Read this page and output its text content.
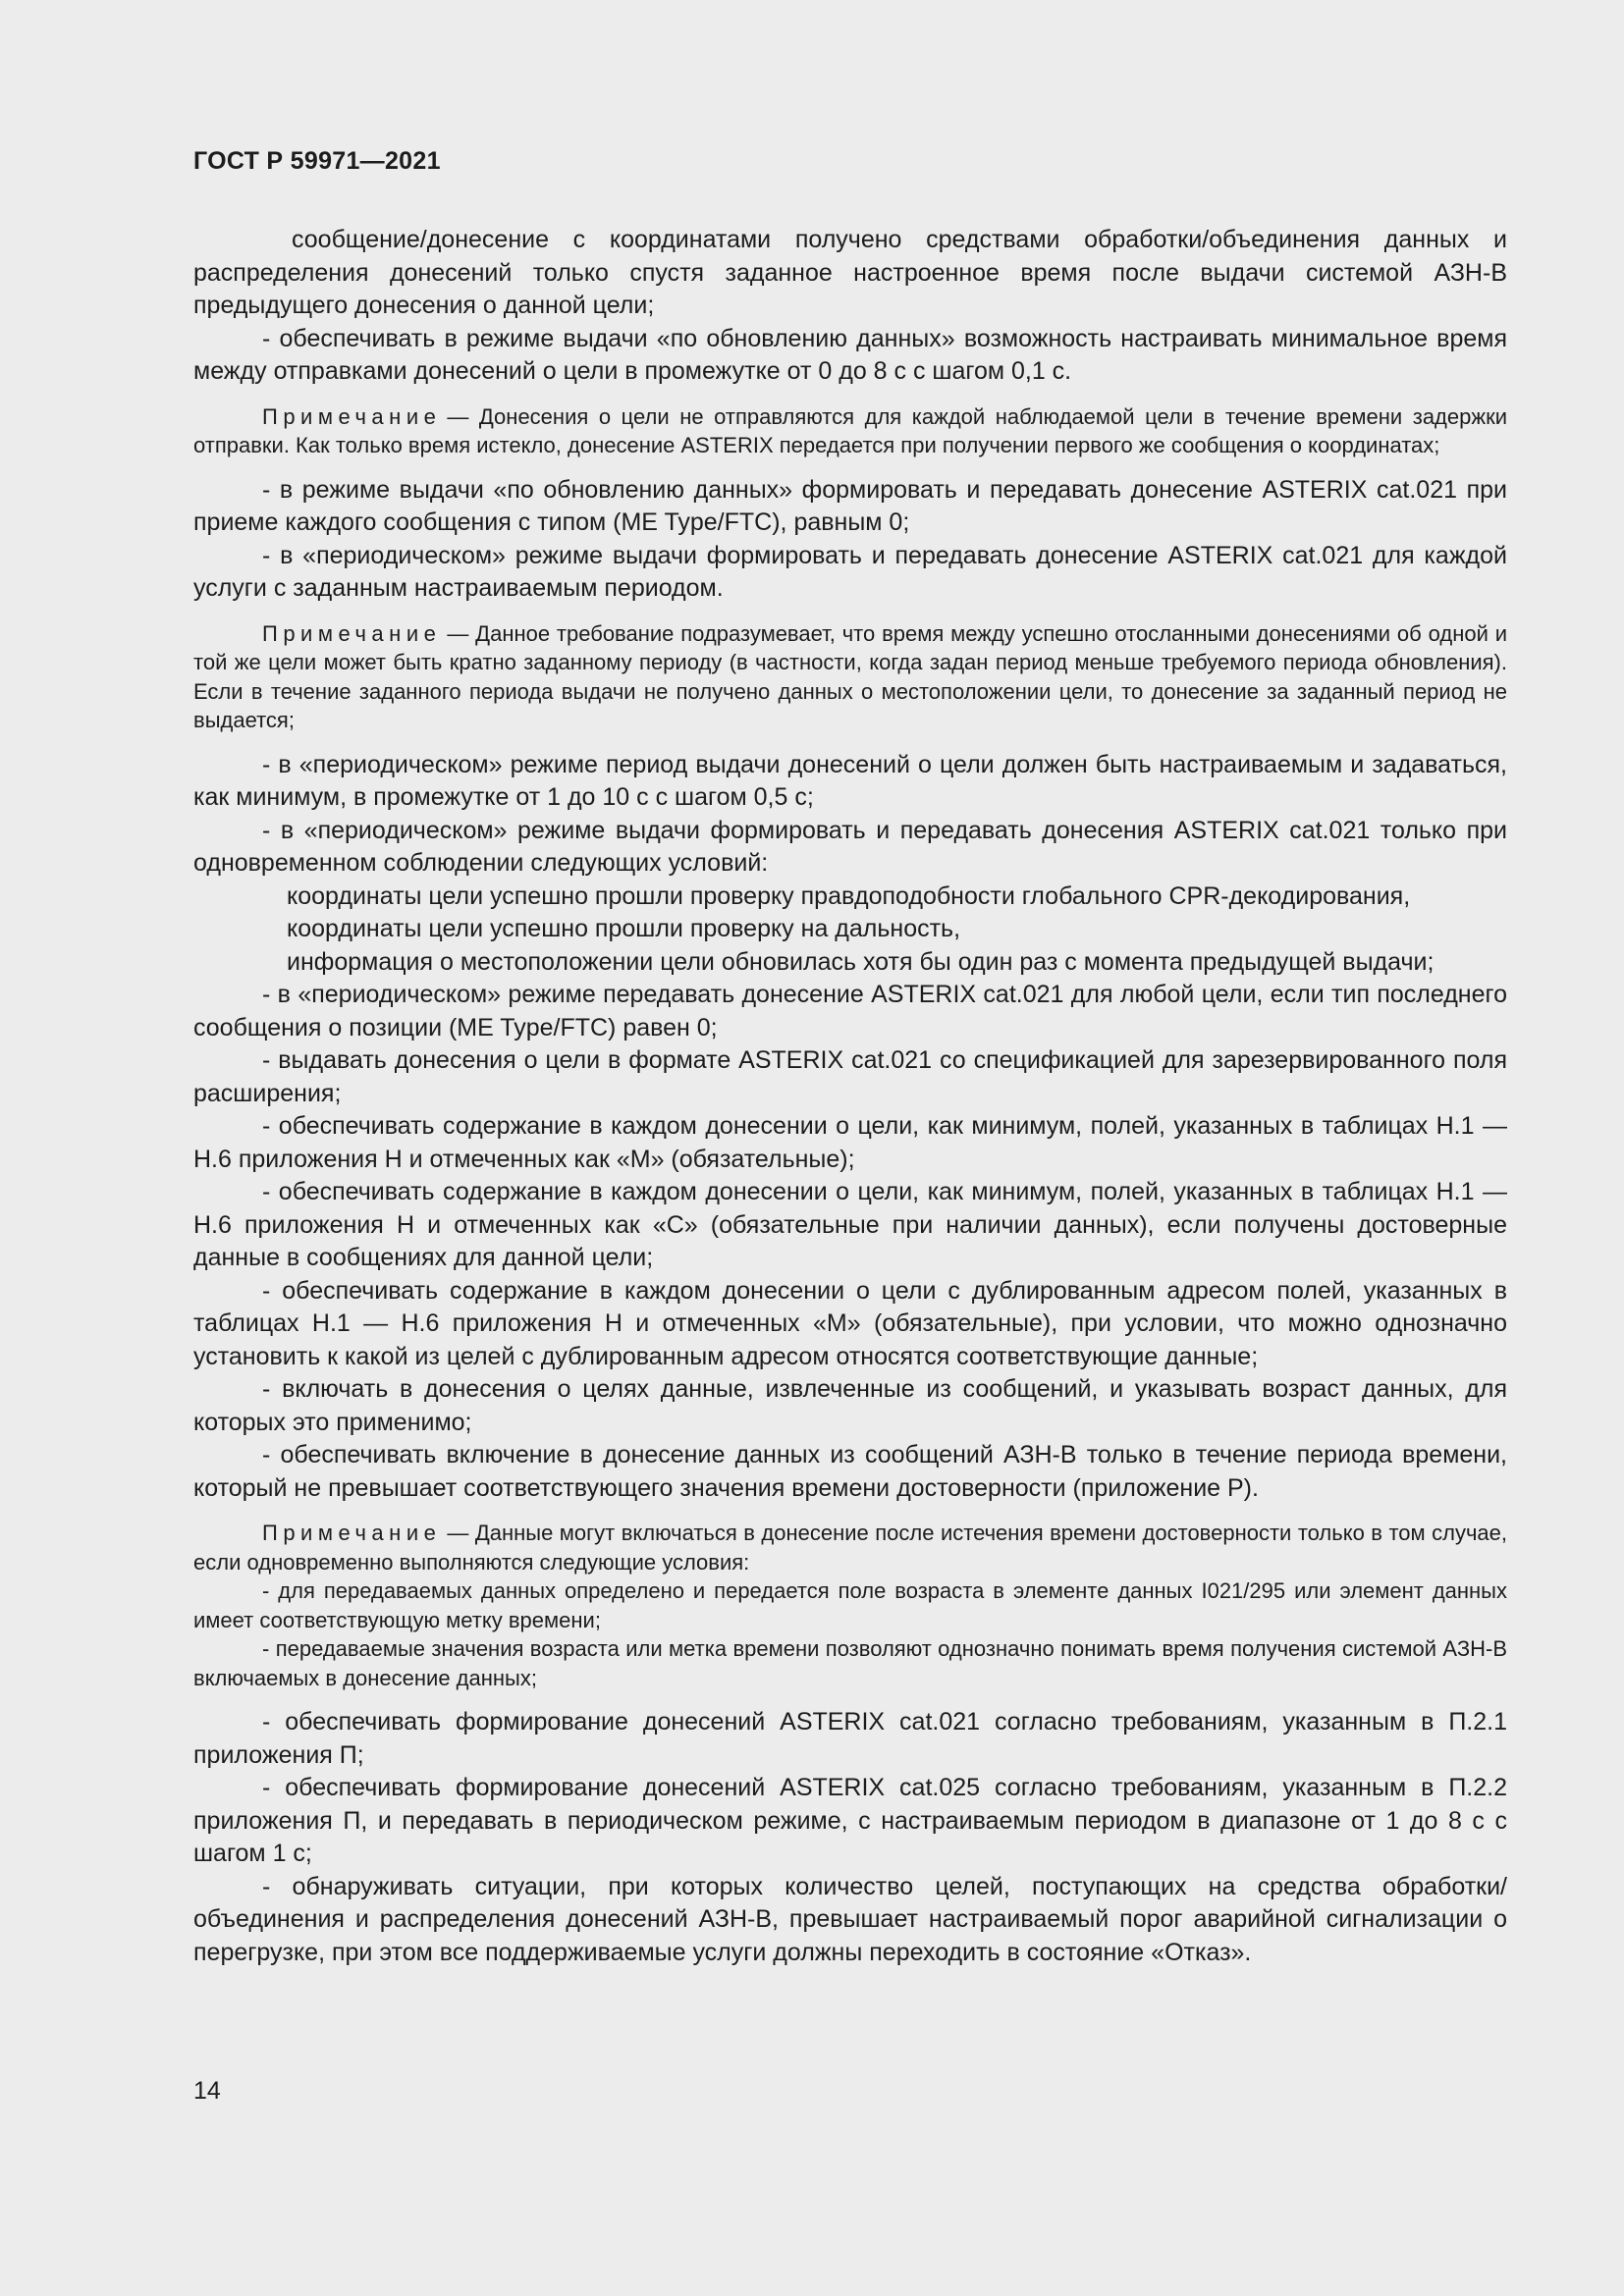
ГОСТ Р 59971—2021

сообщение/донесение с координатами получено средствами обработки/объединения данных и распределения донесений только спустя заданное настроенное время после выдачи системой АЗН-В предыдущего донесения о данной цели;

- обеспечивать в режиме выдачи «по обновлению данных» возможность настраивать минимальное время между отправками донесений о цели в промежутке от 0 до 8 с с шагом 0,1 с.

Примечание — Донесения о цели не отправляются для каждой наблюдаемой цели в течение времени задержки отправки. Как только время истекло, донесение ASTERIX передается при получении первого же сообщения о координатах;

- в режиме выдачи «по обновлению данных» формировать и передавать донесение ASTERIX cat.021 при приеме каждого сообщения с типом (ME Type/FTC), равным 0;

- в «периодическом» режиме выдачи формировать и передавать донесение ASTERIX cat.021 для каждой услуги с заданным настраиваемым периодом.

Примечание — Данное требование подразумевает, что время между успешно отосланными донесениями об одной и той же цели может быть кратно заданному периоду (в частности, когда задан период меньше требуемого периода обновления). Если в течение заданного периода выдачи не получено данных о местоположении цели, то донесение за заданный период не выдается;

- в «периодическом» режиме период выдачи донесений о цели должен быть настраиваемым и задаваться, как минимум, в промежутке от 1 до 10 с с шагом 0,5 с;

- в «периодическом» режиме выдачи формировать и передавать донесения ASTERIX cat.021 только при одновременном соблюдении следующих условий:

координаты цели успешно прошли проверку правдоподобности глобального CPR-декодирования,

координаты цели успешно прошли проверку на дальность,

информация о местоположении цели обновилась хотя бы один раз с момента предыдущей выдачи;

- в «периодическом» режиме передавать донесение ASTERIX cat.021 для любой цели, если тип последнего сообщения о позиции (ME Type/FTC) равен 0;

- выдавать донесения о цели в формате ASTERIX cat.021 со спецификацией для зарезервированного поля расширения;

- обеспечивать содержание в каждом донесении о цели, как минимум, полей, указанных в таблицах Н.1 — Н.6 приложения Н и отмеченных как «М» (обязательные);

- обеспечивать содержание в каждом донесении о цели, как минимум, полей, указанных в таблицах Н.1 — Н.6 приложения Н и отмеченных как «С» (обязательные при наличии данных), если получены достоверные данные в сообщениях для данной цели;

- обеспечивать содержание в каждом донесении о цели с дублированным адресом полей, указанных в таблицах Н.1 — Н.6 приложения Н и отмеченных «М» (обязательные), при условии, что можно однозначно установить к какой из целей с дублированным адресом относятся соответствующие данные;

- включать в донесения о целях данные, извлеченные из сообщений, и указывать возраст данных, для которых это применимо;

- обеспечивать включение в донесение данных из сообщений АЗН-В только в течение периода времени, который не превышает соответствующего значения времени достоверности (приложение Р).

Примечание — Данные могут включаться в донесение после истечения времени достоверности только в том случае, если одновременно выполняются следующие условия:

- для передаваемых данных определено и передается поле возраста в элементе данных I021/295 или элемент данных имеет соответствующую метку времени;

- передаваемые значения возраста или метка времени позволяют однозначно понимать время получения системой АЗН-В включаемых в донесение данных;

- обеспечивать формирование донесений ASTERIX cat.021 согласно требованиям, указанным в П.2.1 приложения П;

- обеспечивать формирование донесений ASTERIX cat.025 согласно требованиям, указанным в П.2.2 приложения П, и передавать в периодическом режиме, с настраиваемым периодом в диапазоне от 1 до 8 с с шагом 1 с;

- обнаруживать ситуации, при которых количество целей, поступающих на средства обработки/объединения и распределения донесений АЗН-В, превышает настраиваемый порог аварийной сигнализации о перегрузке, при этом все поддерживаемые услуги должны переходить в состояние «Отказ».

14
